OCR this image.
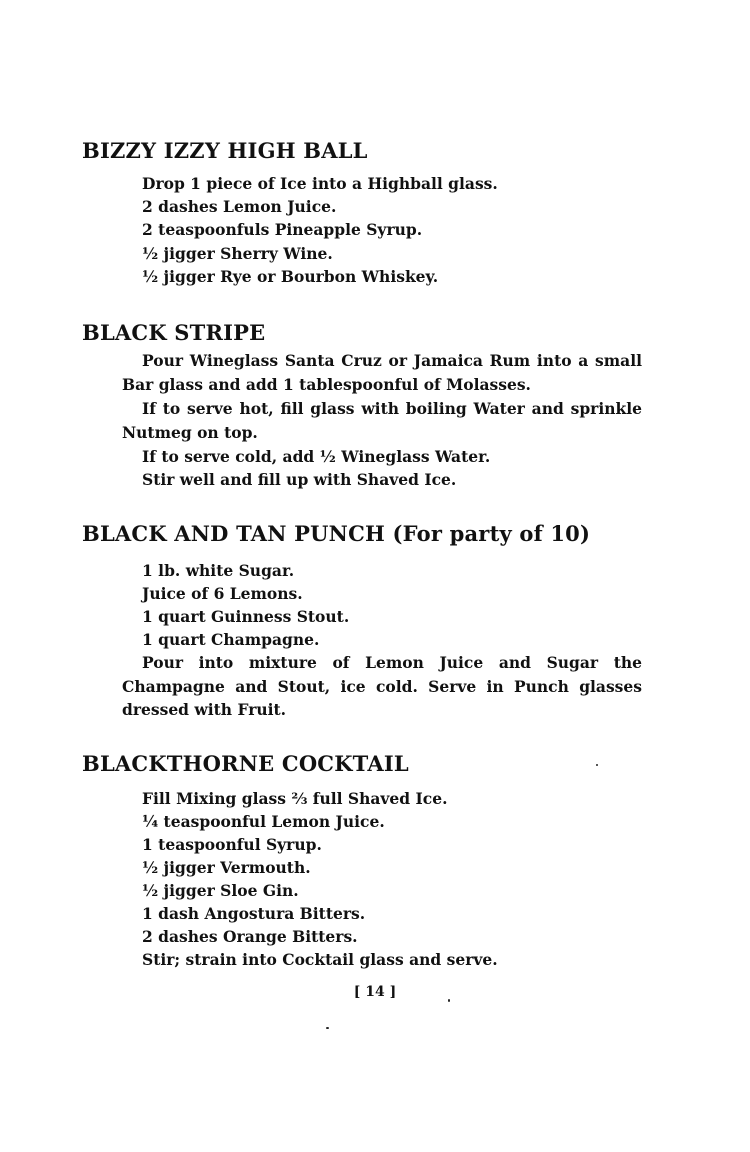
BIZZY IZZY HIGH BALL
Drop 1 piece of Ice into a Highball glass.
2 dashes Lemon Juice.
2 teaspoonfuls Pineapple Syrup.
½ jigger Sherry Wine.
½ jigger Rye or Bourbon Whiskey.
BLACK STRIPE

Pour Wineglass Santa Cruz or Jamaica Rum into a small Bar glass and add 1 tablespoonful of Molasses.

If to serve hot, fill glass with boiling Water and sprinkle Nutmeg on top.

If to serve cold, add ½ Wineglass Water.

Stir well and fill up with Shaved Ice.

BLACK AND TAN PUNCH (For party of 10)
1 lb. white Sugar.
Juice of 6 Lemons.
1 quart Guinness Stout.
1 quart Champagne.

Pour into mixture of Lemon Juice and Sugar the Champagne and Stout, ice cold. Serve in Punch glasses dressed with Fruit.

BLACKTHORNE COCKTAIL
Fill Mixing glass ⅔ full Shaved Ice.
¼ teaspoonful Lemon Juice.
1 teaspoonful Syrup.
½ jigger Vermouth.
½ jigger Sloe Gin.
1 dash Angostura Bitters.
2 dashes Orange Bitters.
Stir; strain into Cocktail glass and serve.
[ 14 ]
